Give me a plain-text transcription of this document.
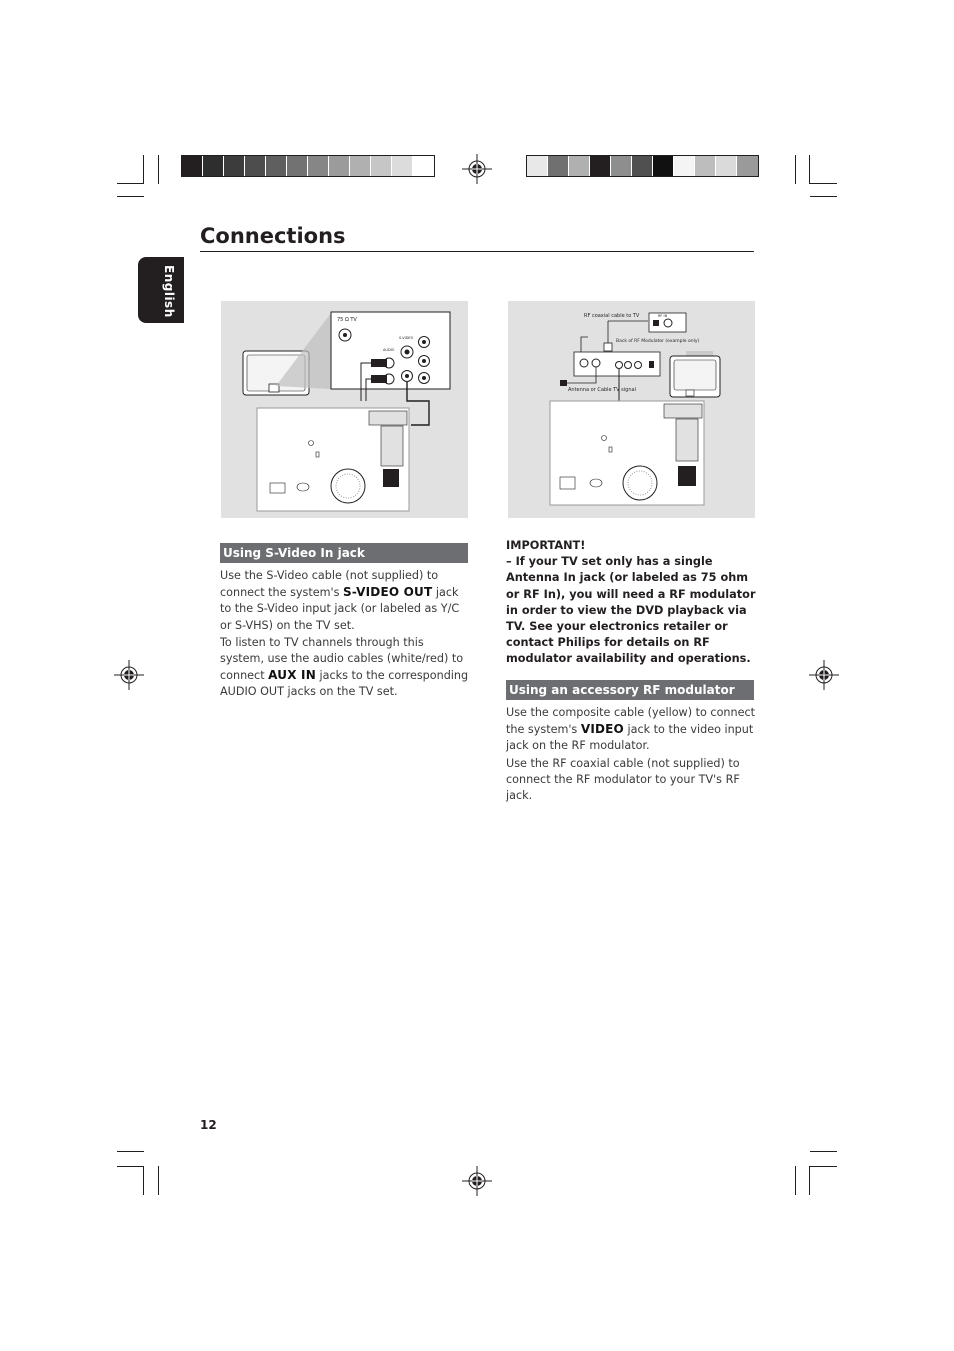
Connections
English
75 Ω TV
AUDIO
S-VIDEO
RF coaxial cable to TV	RF IN
Back of RF Modulator (example only)
Antenna or Cable TV signal
Using S-Video In jack

Use the S-Video cable (not supplied) to connect the system's S-VIDEO OUT jack to the S-Video input jack (or labeled as Y/C or S-VHS) on the TV set.

To listen to TV channels through this system, use the audio cables (white/red) to connect AUX IN jacks to the corresponding AUDIO OUT jacks on the TV set.

IMPORTANT!

– If your TV set only has a single Antenna In jack (or labeled as 75 ohm or RF In), you will need a RF modulator in order to view the DVD playback via TV. See your electronics retailer or contact Philips for details on RF modulator availability and operations.

Using an accessory RF modulator

Use the composite cable (yellow) to connect the system's VIDEO jack to the video input jack on the RF modulator.

Use the RF coaxial cable (not supplied) to connect the RF modulator to your TV's RF jack.

12
